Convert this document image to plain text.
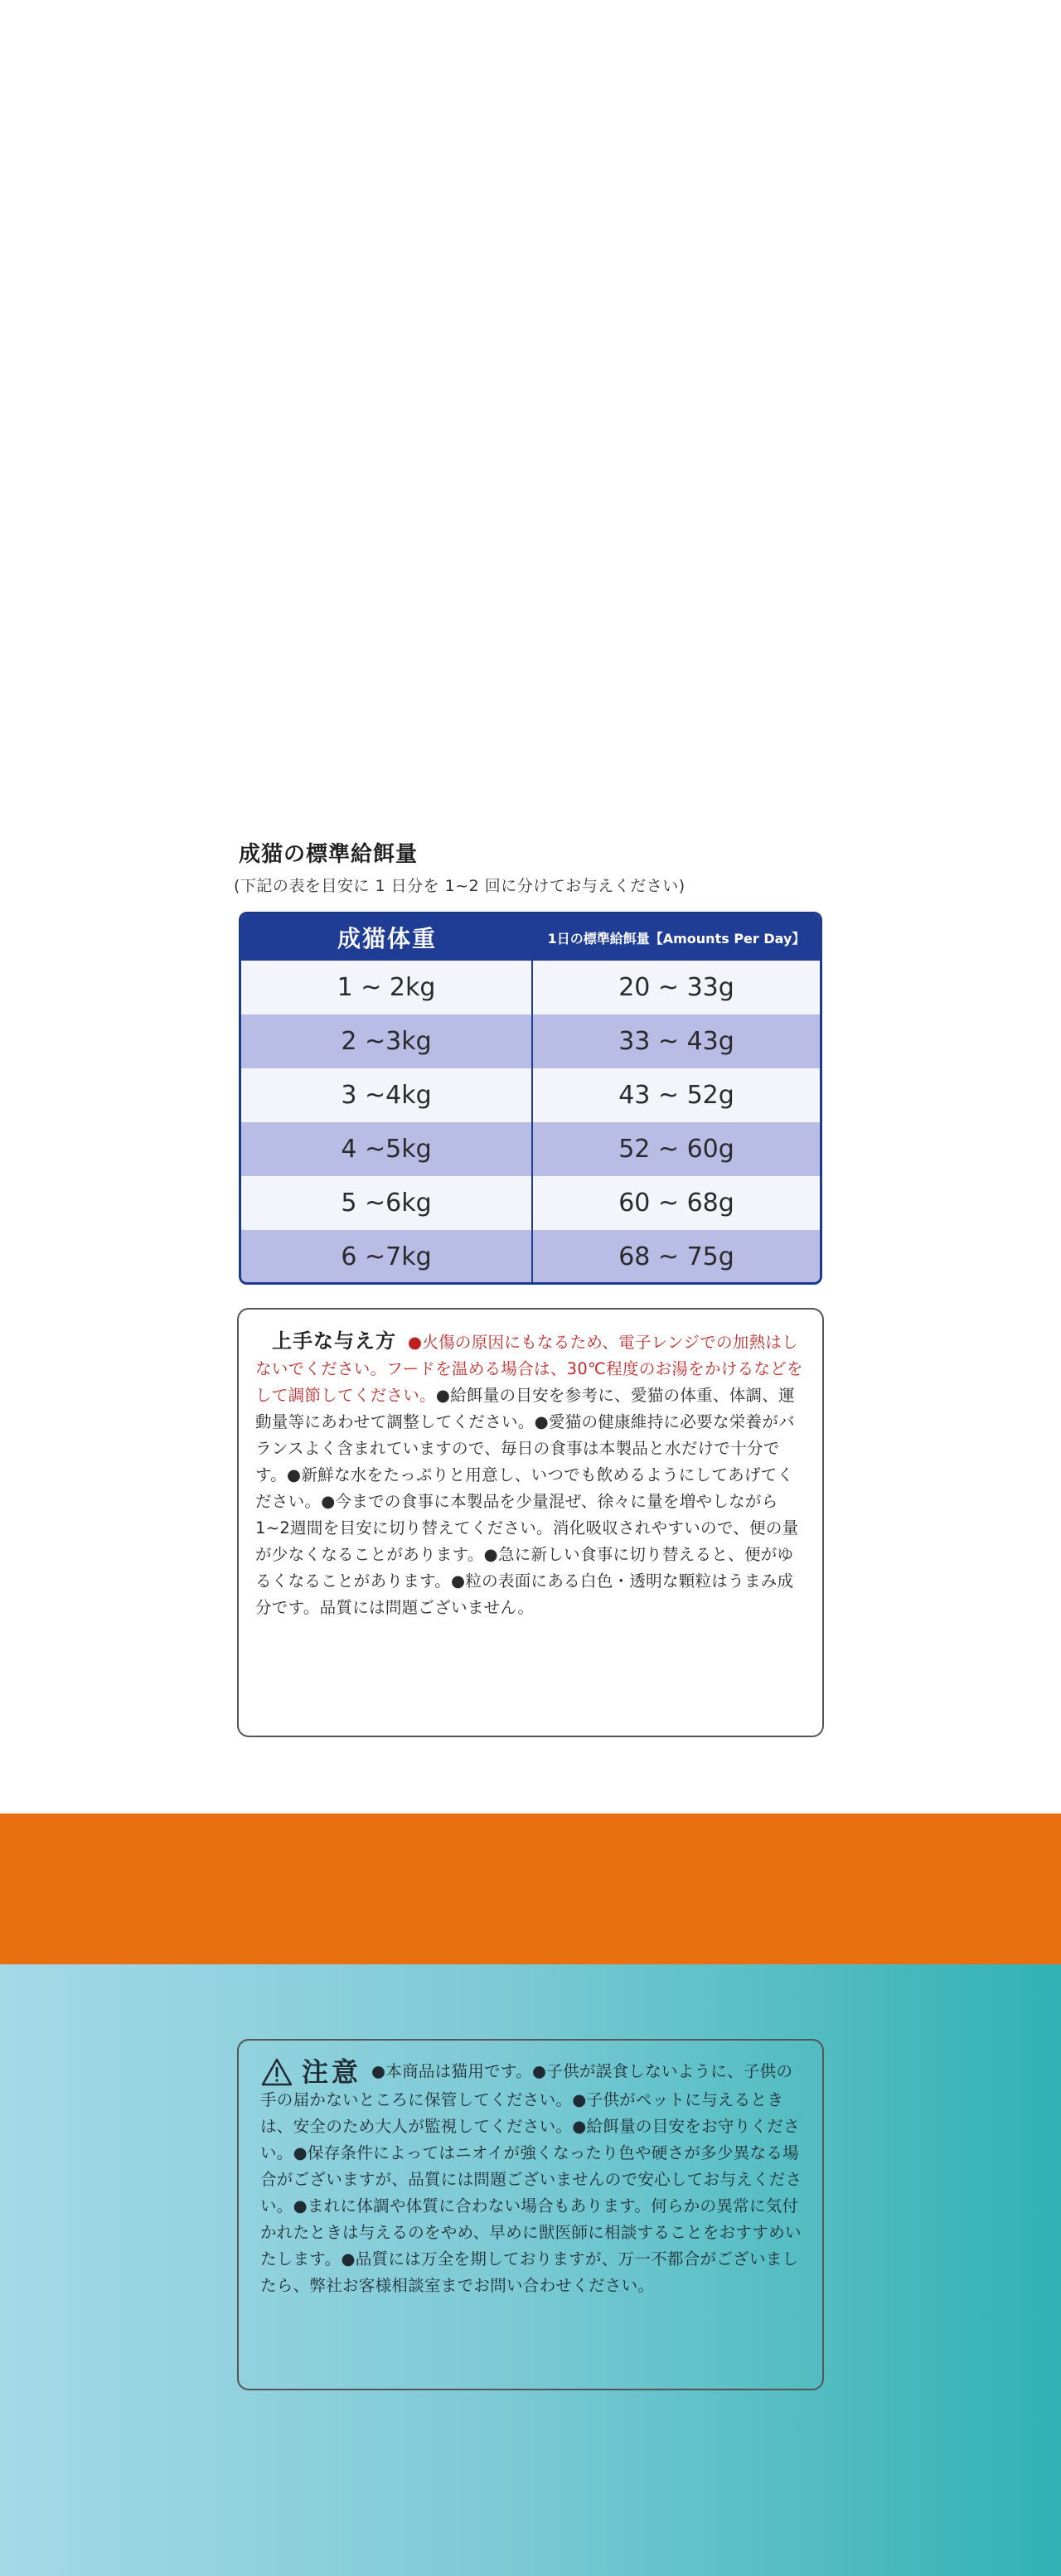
成猫の標準給餌量
(下記の表を目安に 1 日分を 1~2 回に分けてお与えください)
成猫体重	1日の標準給餌量【Amounts Per Day】
1 ~ 2kg	20 ~ 33g
2 ~3kg	33 ~ 43g
3 ~4kg	43 ~ 52g
4 ~5kg	52 ~ 60g
5 ~6kg	60 ~ 68g
6 ~7kg	68 ~ 75g
上手な与え方 ●火傷の原因にもなるため、電子レンジでの加熱はしないでください。フードを温める場合は、30℃程度のお湯をかけるなどをして調節してください。●給餌量の目安を参考に、愛猫の体重、体調、運動量等にあわせて調整してください。●愛猫の健康維持に必要な栄養がバランスよく含まれていますので、毎日の食事は本製品と水だけで十分です。●新鮮な水をたっぷりと用意し、いつでも飲めるようにしてあげてください。●今までの食事に本製品を少量混ぜ、徐々に量を増やしながら1~2週間を目安に切り替えてください。消化吸収されやすいので、便の量が少なくなることがあります。●急に新しい食事に切り替えると、便がゆるくなることがあります。●粒の表面にある白色・透明な顆粒はうまみ成分です。品質には問題ございません。
注意 ●本商品は猫用です。●子供が誤食しないように、子供の手の届かないところに保管してください。●子供がペットに与えるときは、安全のため大人が監視してください。●給餌量の目安をお守りください。●保存条件によってはニオイが強くなったり色や硬さが多少異なる場合がございますが、品質には問題ございませんので安心してお与えください。●まれに体調や体質に合わない場合もあります。何らかの異常に気付かれたときは与えるのをやめ、早めに獣医師に相談することをおすすめいたします。●品質には万全を期しておりますが、万一不都合がございましたら、弊社お客様相談室までお問い合わせください。
